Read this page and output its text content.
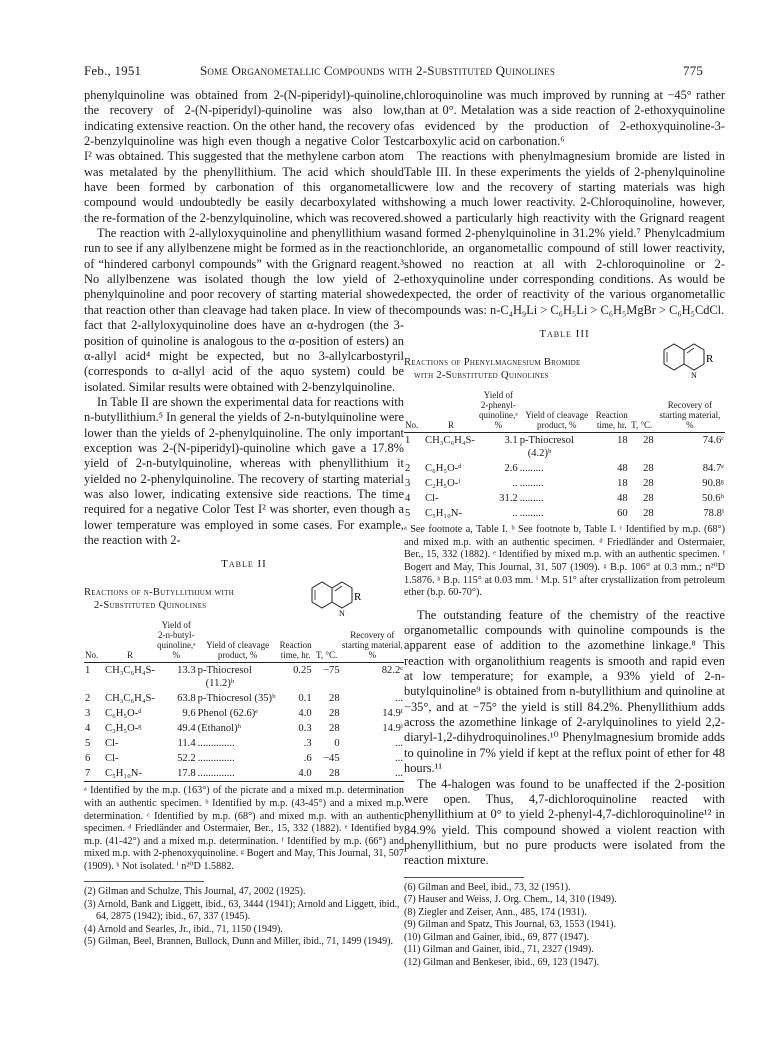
Feb., 1951	Some Organometallic Compounds with 2-Substituted Quinolines	775

phenylquinoline was obtained from 2-(N-piperidyl)-quinoline, the recovery of 2-(N-piperidyl)-quinoline was also low, indicating extensive reaction. On the other hand, the recovery of 2-benzylquinoline was high even though a negative Color Test I² was obtained. This suggested that the methylene carbon atom was metalated by the phenyllithium. The acid which should have been formed by carbonation of this organometallic compound would undoubtedly be easily decarboxylated with the re-formation of the 2-benzylquinoline, which was recovered.

The reaction with 2-allyloxyquinoline and phenyllithium was run to see if any allylbenzene might be formed as in the reaction of “hindered carbonyl compounds” with the Grignard reagent.³ No allylbenzene was isolated though the low yield of 2-phenylquinoline and poor recovery of starting material showed that reaction other than cleavage had taken place. In view of the fact that 2-allyloxyquinoline does have an α-hydrogen (the 3-position of quinoline is analogous to the α-position of esters) an α-allyl acid⁴ might be expected, but no 3-allylcarbostyril (corresponds to α-allyl acid of the aquo system) could be isolated. Similar results were obtained with 2-benzylquinoline.

In Table II are shown the experimental data for reactions with n-butyllithium.⁵ In general the yields of 2-n-butylquinoline were lower than the yields of 2-phenylquinoline. The only important exception was 2-(N-piperidyl)-quinoline which gave a 17.8% yield of 2-n-butylquinoline, whereas with phenyllithium it yielded no 2-phenylquinoline. The recovery of starting material was also lower, indicating extensive side reactions. The time required for a negative Color Test I² was shorter, even though a lower temperature was employed in some cases. For example, the reaction with 2-

Table II
Reactions of n-Butyllithium with
2-Substituted Quinolines
N
R
No.	R	Yield of 2-n-butyl-quinoline,ᵃ %	Yield of cleavage product, %	Reaction time, hr.	T, °C.	Recovery of starting material, %
1	CH₃C₆H₄S-	13.3	p-Thiocresol
(11.2)ᵇ	0.25	−75	82.2ᶜ
2	CH₃C₆H₄S-	63.8	p-Thiocresol (35)ᵇ	0.1	28	...
3	C₆H₅O-ᵈ	9.6	Phenol (62.6)ᵉ	4.0	28	14.9ᶠ
4	C₃H₅O-ᵍ	49.4	(Ethanol)ʰ	0.3	28	14.9ⁱ
5	Cl-	11.4	..............	.3	0	...
6	Cl-	52.2	..............	.6	−45	...
7	C₅H₁₀N-	17.8	..............	4.0	28	...

ᵃ Identified by the m.p. (163°) of the picrate and a mixed m.p. determination with an authentic specimen. ᵇ Identified by m.p. (43-45°) and a mixed m.p. determination. ᶜ Identified by m.p. (68°) and mixed m.p. with an authentic specimen. ᵈ Friedländer and Ostermaier, Ber., 15, 332 (1882). ᵉ Identified by m.p. (41-42°) and a mixed m.p. determination. ᶠ Identified by m.p. (66°) and mixed m.p. with 2-phenoxyquinoline. ᵍ Bogert and May, This Journal, 31, 507 (1909). ʰ Not isolated. ⁱ n²⁰D 1.5882.

(2) Gilman and Schulze, This Journal, 47, 2002 (1925).
(3) Arnold, Bank and Liggett, ibid., 63, 3444 (1941); Arnold and Liggett, ibid., 64, 2875 (1942); ibid., 67, 337 (1945).
(4) Arnold and Searles, Jr., ibid., 71, 1150 (1949).
(5) Gilman, Beel, Brannen, Bullock, Dunn and Miller, ibid., 71, 1499 (1949).

chloroquinoline was much improved by running at −45° rather than at 0°. Metalation was a side reaction of 2-ethoxyquinoline as evidenced by the production of 2-ethoxyquinoline-3-carboxylic acid on carbonation.⁶

The reactions with phenylmagnesium bromide are listed in Table III. In these experiments the yields of 2-phenylquinoline were low and the recovery of starting materials was high showing a much lower reactivity. 2-Chloroquinoline, however, showed a particularly high reactivity with the Grignard reagent and formed 2-phenylquinoline in 31.2% yield.⁷ Phenylcadmium chloride, an organometallic compound of still lower reactivity, showed no reaction at all with 2-chloroquinoline or 2-ethoxyquinoline under corresponding conditions. As would be expected, the order of reactivity of the various organometallic compounds was: n-C₄H₉Li > C₆H₅Li > C₆H₅MgBr > C₆H₅CdCl.

Table III
Reactions of Phenylmagnesium Bromide
with 2-Substituted Quinolines	N
R
No.	R	Yield of 2-phenyl-quinoline,ᵃ %	Yield of cleavage product, %	Reaction time, hr.	T, °C.	Recovery of starting material, %
1	CH₃C₆H₄S-	3.1	p-Thiocresol
(4.2)ᵇ	18	28	74.6ᶜ
2	C₆H₅O-ᵈ	2.6	.........	48	28	84.7ᵉ
3	C₂H₅O-ᶠ	..	.........	18	28	90.8ᵍ
4	Cl-	31.2	.........	48	28	50.6ʰ
5	C₅H₁₀N-	..	.........	60	28	78.8ⁱ

ᵃ See footnote a, Table I. ᵇ See footnote b, Table I. ᶜ Identified by m.p. (68°) and mixed m.p. with an authentic specimen. ᵈ Friedländer and Ostermaier, Ber., 15, 332 (1882). ᵉ Identified by mixed m.p. with an authentic specimen. ᶠ Bogert and May, This Journal, 31, 507 (1909). ᵍ B.p. 106° at 0.3 mm.; n²⁰D 1.5876. ʰ B.p. 115° at 0.03 mm. ⁱ M.p. 51° after crystallization from petroleum ether (b.p. 60-70°).

The outstanding feature of the chemistry of the reactive organometallic compounds with quinoline compounds is the apparent ease of addition to the azomethine linkage.⁸ This reaction with organolithium reagents is smooth and rapid even at low temperature; for example, a 93% yield of 2-n-butylquinoline⁹ is obtained from n-butyllithium and quinoline at −35°, and at −75° the yield is still 84.2%. Phenyllithium adds across the azomethine linkage of 2-arylquinolines to yield 2,2-diaryl-1,2-dihydroquinolines.¹⁰ Phenylmagnesium bromide adds to quinoline in 7% yield if kept at the reflux point of ether for 48 hours.¹¹

The 4-halogen was found to be unaffected if the 2-position were open. Thus, 4,7-dichloroquinoline reacted with phenyllithium at 0° to yield 2-phenyl-4,7-dichloroquinoline¹² in 84.9% yield. This compound showed a violent reaction with phenyllithium, but no pure products were isolated from the reaction mixture.

(6) Gilman and Beel, ibid., 73, 32 (1951).
(7) Hauser and Weiss, J. Org. Chem., 14, 310 (1949).
(8) Ziegler and Zeiser, Ann., 485, 174 (1931).
(9) Gilman and Spatz, This Journal, 63, 1553 (1941).
(10) Gilman and Gainer, ibid., 69, 877 (1947).
(11) Gilman and Gainer, ibid., 71, 2327 (1949).
(12) Gilman and Benkeser, ibid., 69, 123 (1947).
